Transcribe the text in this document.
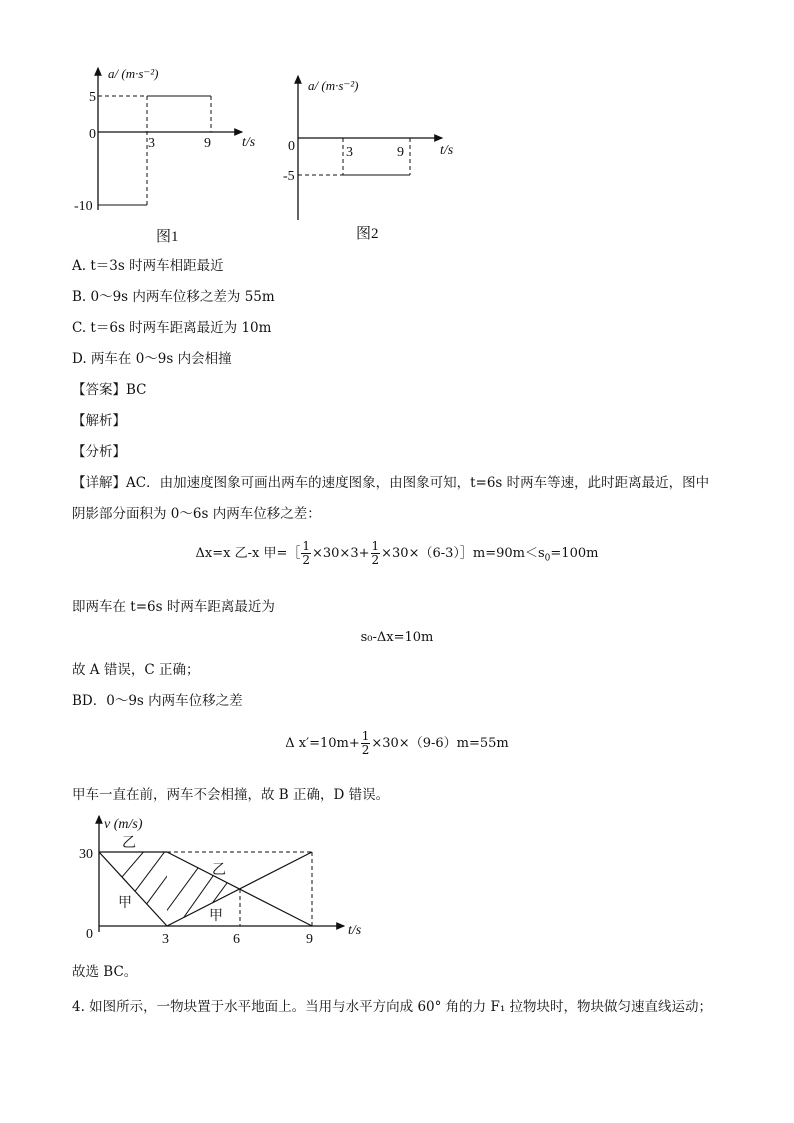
a/ (m·s⁻²)
t/s
5
0
-10
3	9
图1
a/ (m·s⁻²)
t/s
0
-5
3	9
图2
A. t＝3s 时两车相距最近
B. 0～9s 内两车位移之差为 55m
C. t＝6s 时两车距离最近为 10m
D. 两车在 0～9s 内会相撞
【答案】BC
【解析】
【分析】
【详解】AC．由加速度图象可画出两车的速度图象，由图象可知，t=6s 时两车等速，此时距离最近，图中
阴影部分面积为 0～6s 内两车位移之差：
Δx=x 乙-x 甲=［ $\frac{1}{2} \times 30\times 3+ \frac{1}{2}$ $\times 30\times(6-3)]m=90m<s_0=100m$
即两车在 t=6s 时两车距离最近为
s₀-Δx=10m
故 A 错误，C 正确；
BD．0～9s 内两车位移之差
Δ $x'=10m+ \frac{1}{2} \times 30\times(9-6)m=55m$
甲车一直在前，两车不会相撞，故 B 正确，D 错误。
v (m/s)
t/s
30
0	3	6	9
乙
乙
甲
甲
故选 BC。
4. 如图所示，一物块置于水平地面上。当用与水平方向成 60° 角的力 F₁ 拉物块时，物块做匀速直线运动；
